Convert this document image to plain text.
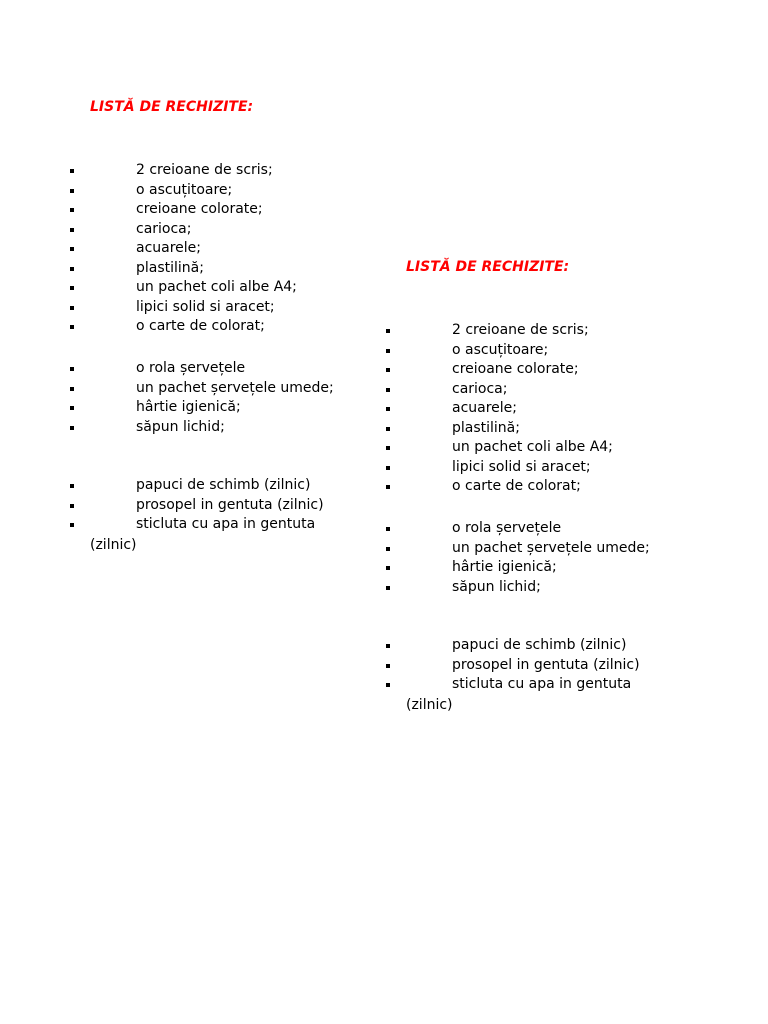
LISTĂ DE RECHIZITE:
2 creioane de scris;
o ascuțitoare;
creioane colorate;
carioca;
acuarele;
plastilină;
un pachet coli albe A4;
lipici solid si aracet;
o carte de colorat;
o rola șervețele
un pachet șervețele umede;
hârtie igienică;
săpun lichid;
papuci de schimb (zilnic)
prosopel in gentuta (zilnic)
sticluta cu apa in gentuta
(zilnic)
LISTĂ DE RECHIZITE:
2 creioane de scris;
o ascuțitoare;
creioane colorate;
carioca;
acuarele;
plastilină;
un pachet coli albe A4;
lipici solid si aracet;
o carte de colorat;
o rola șervețele
un pachet șervețele umede;
hârtie igienică;
săpun lichid;
papuci de schimb (zilnic)
prosopel in gentuta (zilnic)
sticluta cu apa in gentuta
(zilnic)
